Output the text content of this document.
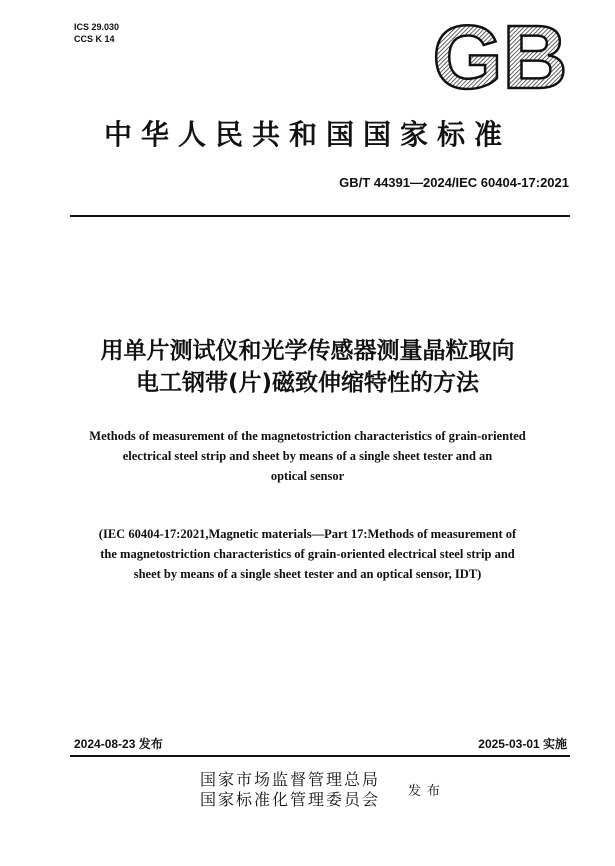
ICS 29.030
CCS K 14	GB
中华人民共和国国家标准
GB/T 44391—2024/IEC 60404-17:2021
用单片测试仪和光学传感器测量晶粒取向
电工钢带(片)磁致伸缩特性的方法
Methods of measurement of the magnetostriction characteristics of grain-oriented
electrical steel strip and sheet by means of a single sheet tester and an
optical sensor
(IEC 60404-17:2021,Magnetic materials—Part 17:Methods of measurement of
the magnetostriction characteristics of grain-oriented electrical steel strip and
sheet by means of a single sheet tester and an optical sensor, IDT)
2024-08-23 发布	2025-03-01 实施
国家市场监督管理总局
国家标准化管理委员会 发布
